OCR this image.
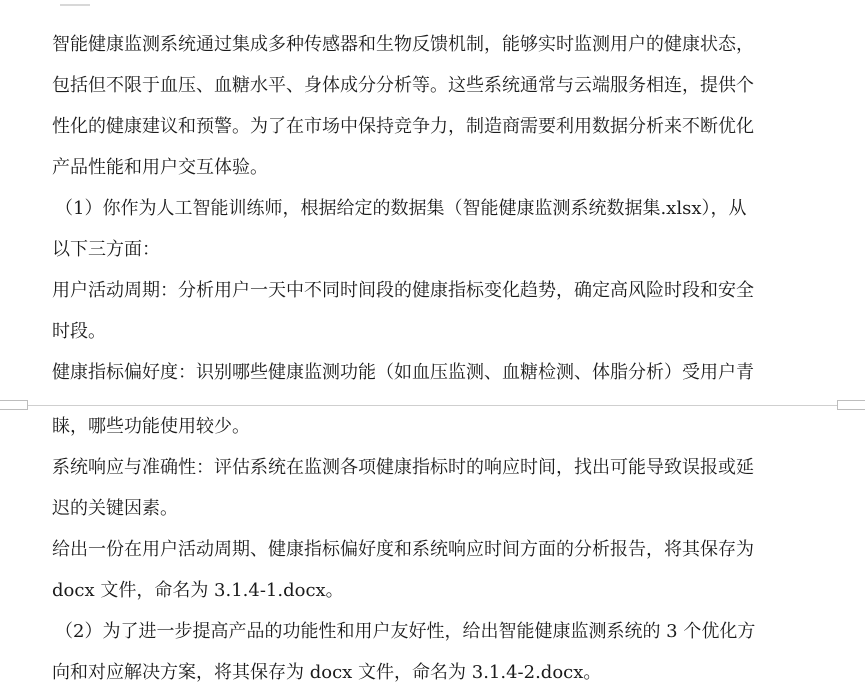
智能健康监测系统通过集成多种传感器和生物反馈机制，能够实时监测用户的健康状态，
包括但不限于血压、血糖水平、身体成分分析等。这些系统通常与云端服务相连，提供个
性化的健康建议和预警。为了在市场中保持竞争力，制造商需要利用数据分析来不断优化
产品性能和用户交互体验。
（1）你作为人工智能训练师，根据给定的数据集（智能健康监测系统数据集.xlsx），从
以下三方面：
用户活动周期：分析用户一天中不同时间段的健康指标变化趋势，确定高风险时段和安全
时段。
健康指标偏好度：识别哪些健康监测功能（如血压监测、血糖检测、体脂分析）受用户青
睐，哪些功能使用较少。
系统响应与准确性：评估系统在监测各项健康指标时的响应时间，找出可能导致误报或延
迟的关键因素。
给出一份在用户活动周期、健康指标偏好度和系统响应时间方面的分析报告，将其保存为
docx 文件，命名为 3.1.4-1.docx。
（2）为了进一步提高产品的功能性和用户友好性，给出智能健康监测系统的 3 个优化方
向和对应解决方案，将其保存为 docx 文件，命名为 3.1.4-2.docx。
